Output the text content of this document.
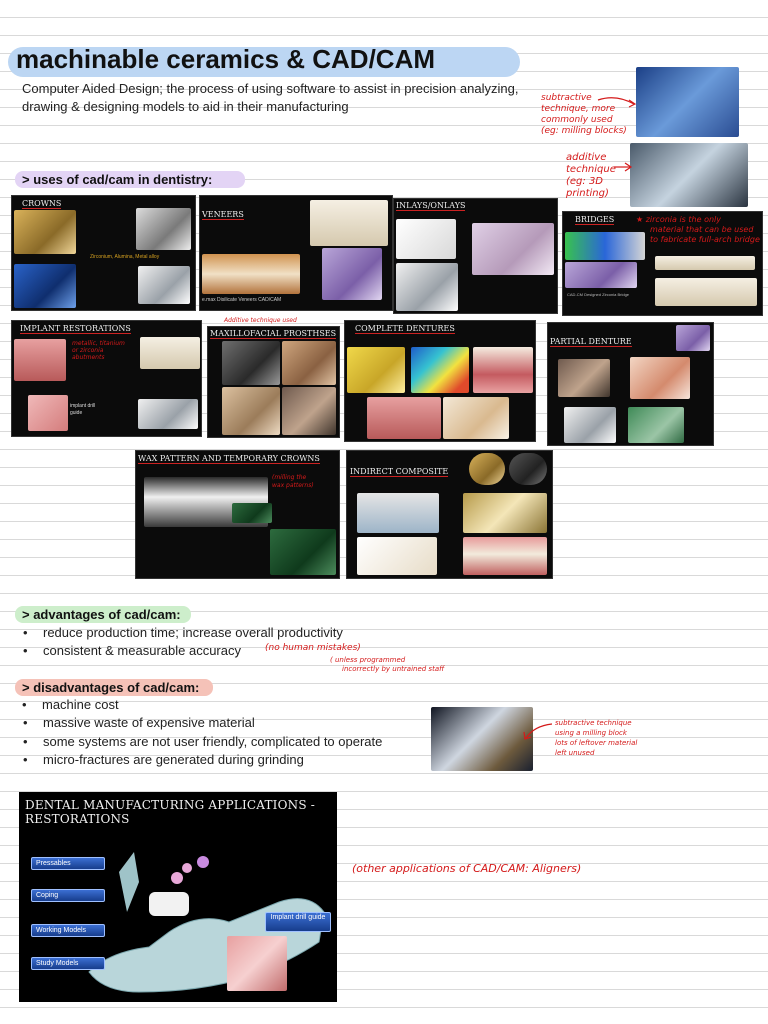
machinable ceramics & CAD/CAM
Computer Aided Design; the process of using software to assist in precision analyzing, drawing & designing models to aid in their manufacturing
subtractive
technique, more
commonly used
(eg: milling blocks)
additive
technique
(eg: 3D
printing)
> uses of cad/cam in dentistry:
CROWNS
Zirconium, Alumina, Metal alloy
VENEERS
e.max Disilicate Veneers CAD/CAM
INLAYS/ONLAYS
BRIDGES
CAD-CM Designed Zirconia Bridge
★ zirconia is the only
material that can be used
to fabricate full-arch bridge
IMPLANT RESTORATIONS
implant drill guide
metallic, titanium
or zirconia
abutments
Additive technique used
MAXILLOFACIAL PROSTHSES
COMPLETE DENTURES
PARTIAL DENTURE
WAX PATTERN AND TEMPORARY CROWNS
(milling the
wax patterns)
INDIRECT COMPOSITE
> advantages of cad/cam:
• reduce production time; increase overall productivity
• consistent & measurable accuracy	(no human mistakes)
( unless programmed
incorrectly by untrained staff
> disadvantages of cad/cam:
• machine cost
• massive waste of expensive material
• some systems are not user friendly, complicated to operate
• micro-fractures are generated during grinding
subtractive technique
using a milling block
lots of leftover material
left unused
DENTAL MANUFACTURING APPLICATIONS - RESTORATIONS
Pressables
Coping
Working Models
Study Models
Implant drill guide
(other applications of CAD/CAM: Aligners)
